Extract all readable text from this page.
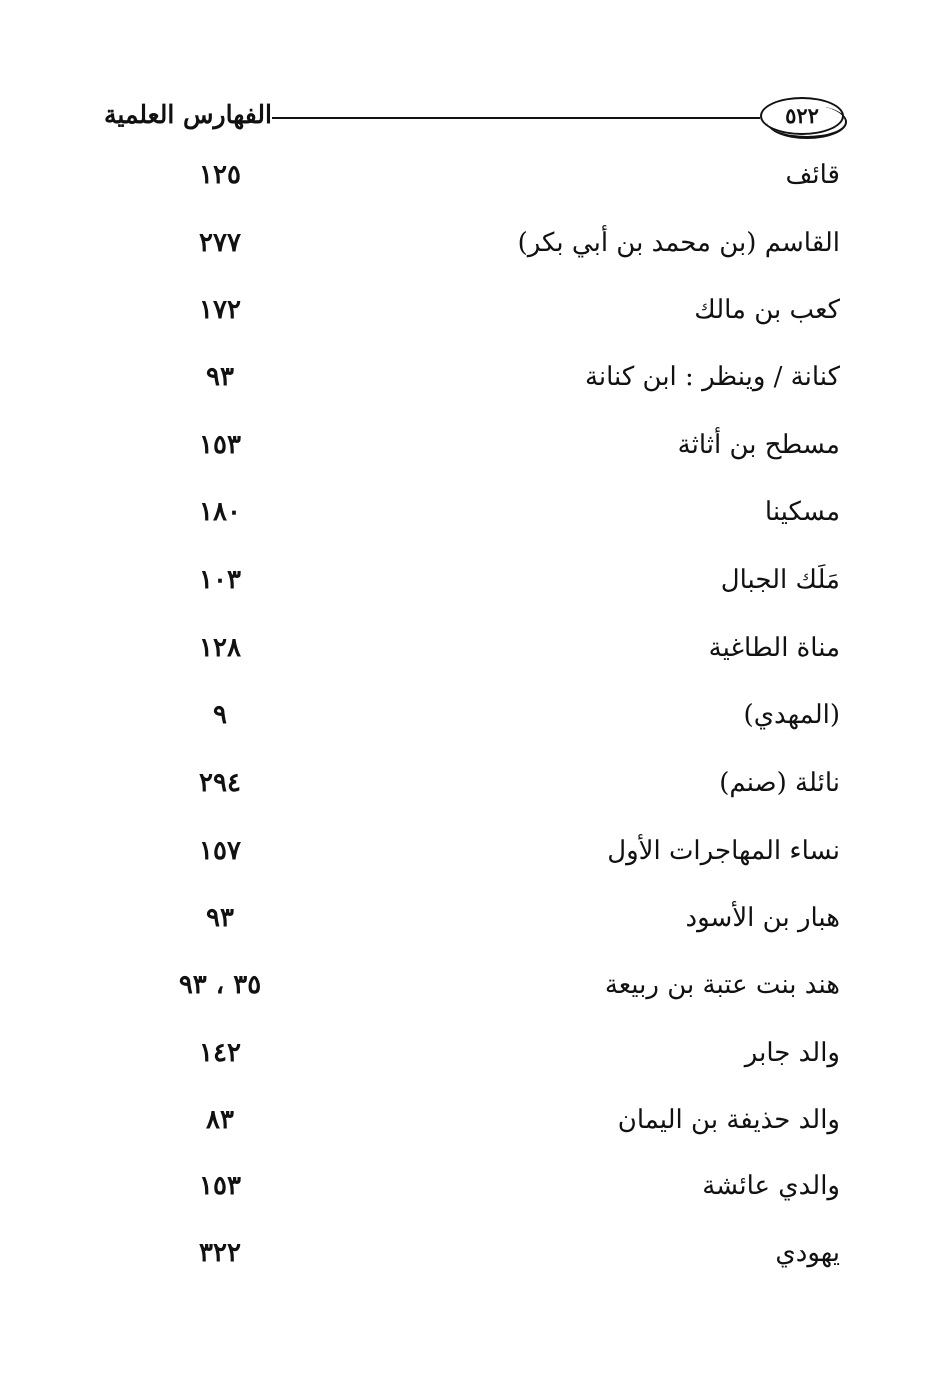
الفهارس العلمية	٥٢٢
قائف
١٢٥
القاسم (بن محمد بن أبي بكر)
٢٧٧
كعب بن مالك
١٧٢
كنانة / وينظر : ابن كنانة
٩٣
مسطح بن أثاثة
١٥٣
مسكينا
١٨٠
مَلَك الجبال
١٠٣
مناة الطاغية
١٢٨
(المهدي)
٩
نائلة (صنم)
٢٩٤
نساء المهاجرات الأول
١٥٧
هبار بن الأسود
٩٣
هند بنت عتبة بن ربيعة
٣٥ ، ٩٣
والد جابر
١٤٢
والد حذيفة بن اليمان
٨٣
والدي عائشة
١٥٣
يهودي
٣٢٢
